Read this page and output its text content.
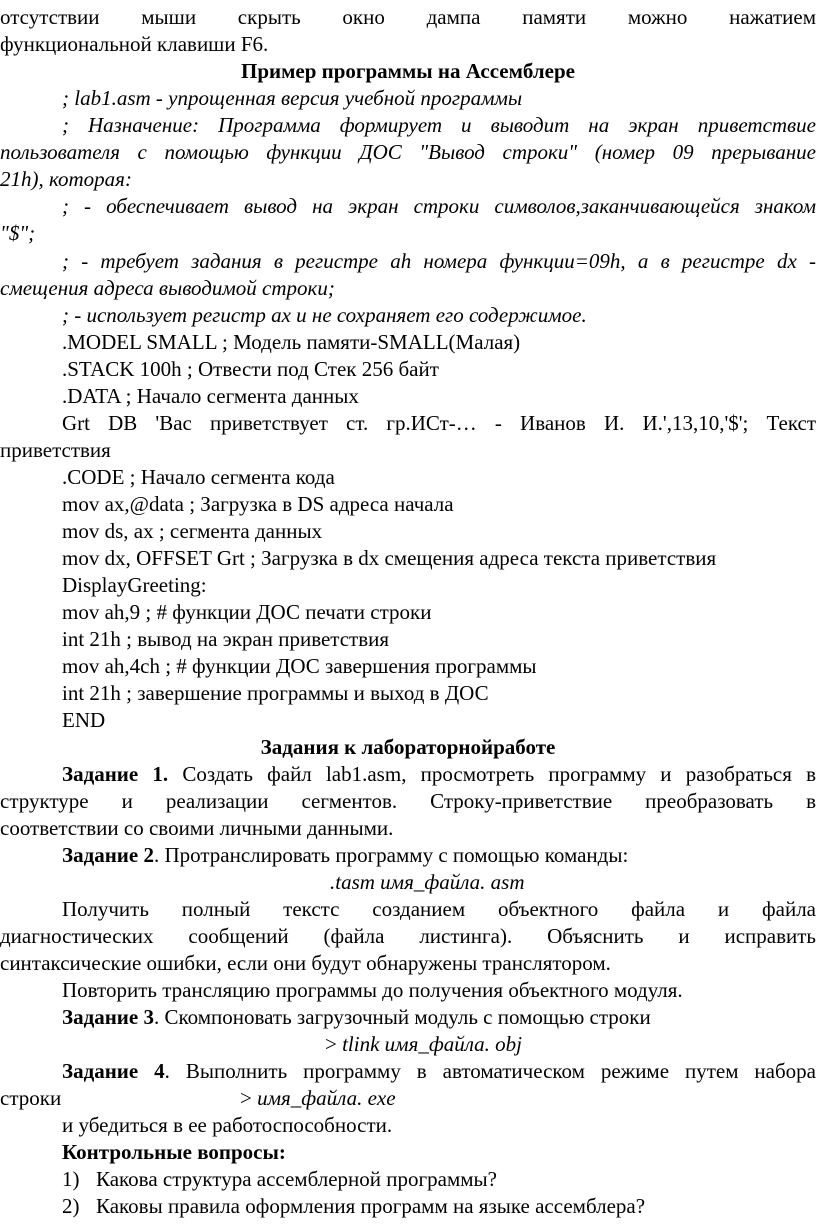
отсутствии мыши скрыть окно дампа памяти можно нажатием
функциональной клавиши F6.
Пример программы на Ассемблере
; lab1.asm - упрощенная версия учебной программы
; Назначение: Программа формирует и выводит на экран приветствие
пользователя с помощью функции ДОС "Вывод строки" (номер 09 прерывание
21h), которая:
; - обеспечивает вывод на экран строки символов,заканчивающейся знаком
"$";
; - требует задания в регистре ah номера функции=09h, а в регистре dx -
смещения адреса выводимой строки;
; - использует регистр ax и не сохраняет его содержимое.
.MODEL SMALL ; Модель памяти-SMALL(Малая)
.STACK 100h ; Отвести под Стек 256 байт
.DATA ; Начало сегмента данных
Grt DB 'Вас приветствует ст. гр.ИСт-… - Иванов И. И.',13,10,'$'; Текст
приветствия
.CODE ; Начало сегмента кода
mov ax,@data ; Загрузка в DS адреса начала
mov ds, ax ; сегмента данных
mov dx, OFFSET Grt ; Загрузка в dx смещения адреса текста приветствия
DisplayGreeting:
mov ah,9 ; # функции ДОС печати строки
int 21h ; вывод на экран приветствия
mov ah,4ch ; # функции ДОС завершения программы
int 21h ; завершение программы и выход в ДОС
END
Задания к лабораторнойработе
Задание 1. Создать файл lab1.asm, просмотреть программу и разобраться в
структуре и реализации сегментов. Строку-приветствие преобразовать в
соответствии со своими личными данными.
Задание 2. Протранслировать программу с помощью команды:
.tasm имя_файла. asm
Получить полный текстс созданием объектного файла и файла
диагностических сообщений (файла листинга). Объяснить и исправить
синтаксические ошибки, если они будут обнаружены транслятором.
Повторить трансляцию программы до получения объектного модуля.
Задание 3. Скомпоновать загрузочный модуль с помощью строки
> tlink имя_файла. obj
Задание 4. Выполнить программу в автоматическом режиме путем набора
строки	> имя_файла. exe
и убедиться в ее работоспособности.
Контрольные вопросы:
1) Какова структура ассемблерной программы?
2) Каковы правила оформления программ на языке ассемблера?
